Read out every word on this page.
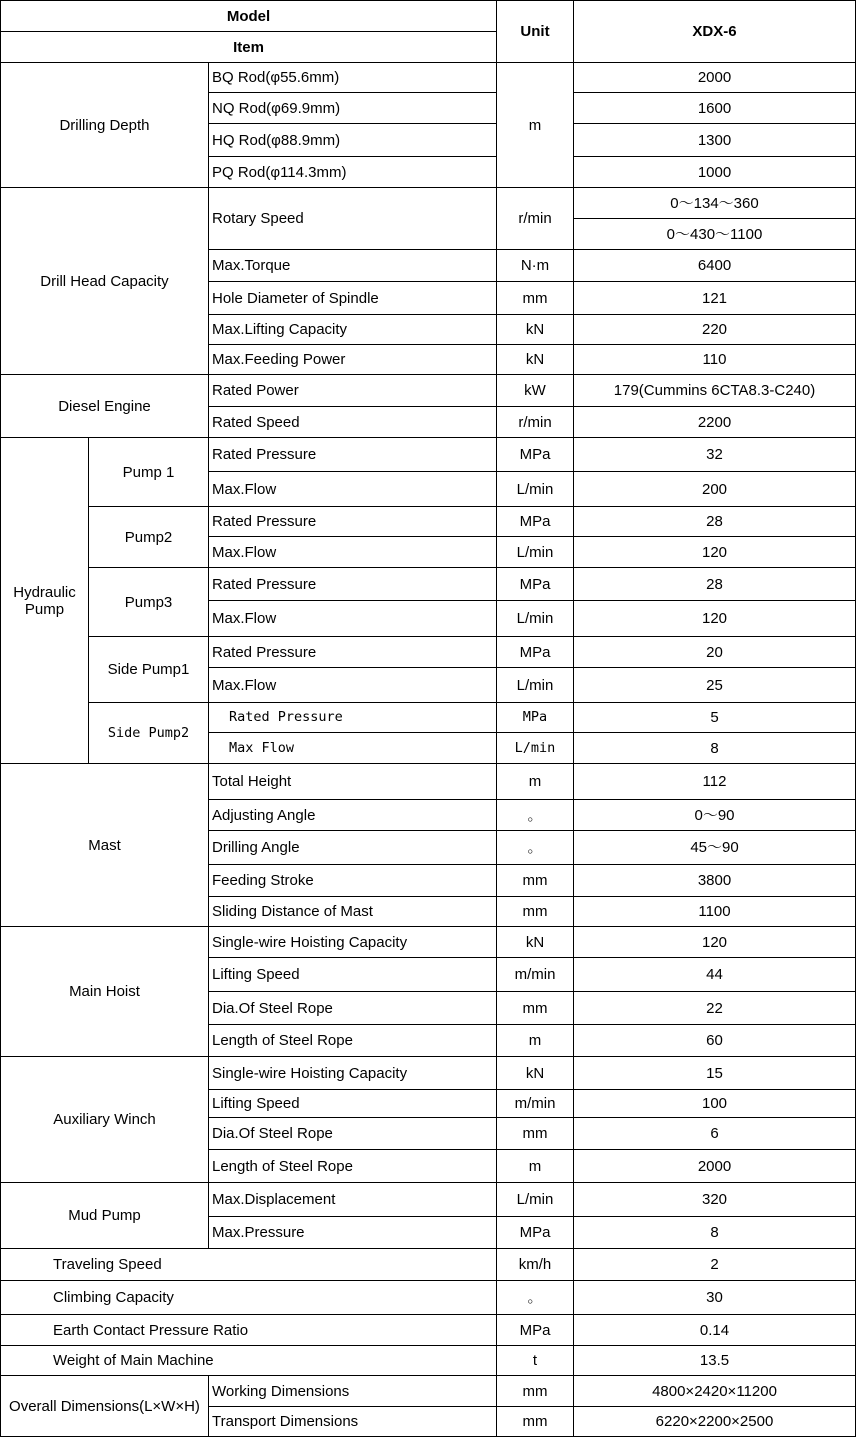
Model			Unit	XDX-6
Item				
Drilling Depth		BQ Rod(φ55.6mm)	m	2000
		NQ Rod(φ69.9mm)		1600
		HQ Rod(φ88.9mm)		1300
		PQ Rod(φ114.3mm)		1000
Drill Head Capacity		Rotary Speed	r/min	0～134～360
				0～430～1100
		Max.Torque	N·m	6400
		Hole Diameter of Spindle	mm	121
		Max.Lifting Capacity	kN	220
		Max.Feeding Power	kN	110
Diesel Engine		Rated Power	kW	179(Cummins 6CTA8.3-C240)
		Rated Speed	r/min	2200
Hydraulic Pump	Pump 1	Rated Pressure	MPa	32
		Max.Flow	L/min	200
	Pump2	Rated Pressure	MPa	28
		Max.Flow	L/min	120
	Pump3	Rated Pressure	MPa	28
		Max.Flow	L/min	120
	Side Pump1	Rated Pressure	MPa	20
		Max.Flow	L/min	25
	Side Pump2	Rated Pressure	MPa	5
		Max Flow	L/min	8
Mast		Total Height	m	112
		Adjusting Angle	。	0～90
		Drilling Angle	。	45～90
		Feeding Stroke	mm	3800
		Sliding Distance of Mast	mm	1100
Main Hoist		Single-wire Hoisting Capacity	kN	120
		Lifting Speed	m/min	44
		Dia.Of Steel Rope	mm	22
		Length of Steel Rope	m	60
Auxiliary Winch		Single-wire Hoisting Capacity	kN	15
		Lifting Speed	m/min	100
		Dia.Of Steel Rope	mm	6
		Length of Steel Rope	m	2000
Mud Pump		Max.Displacement	L/min	320
		Max.Pressure	MPa	8
Traveling Speed			km/h	2
Climbing Capacity			。	30
Earth Contact Pressure Ratio			MPa	0.14
Weight of Main Machine			t	13.5
Overall Dimensions(L×W×H)		Working Dimensions	mm	4800×2420×11200
		Transport Dimensions	mm	6220×2200×2500
